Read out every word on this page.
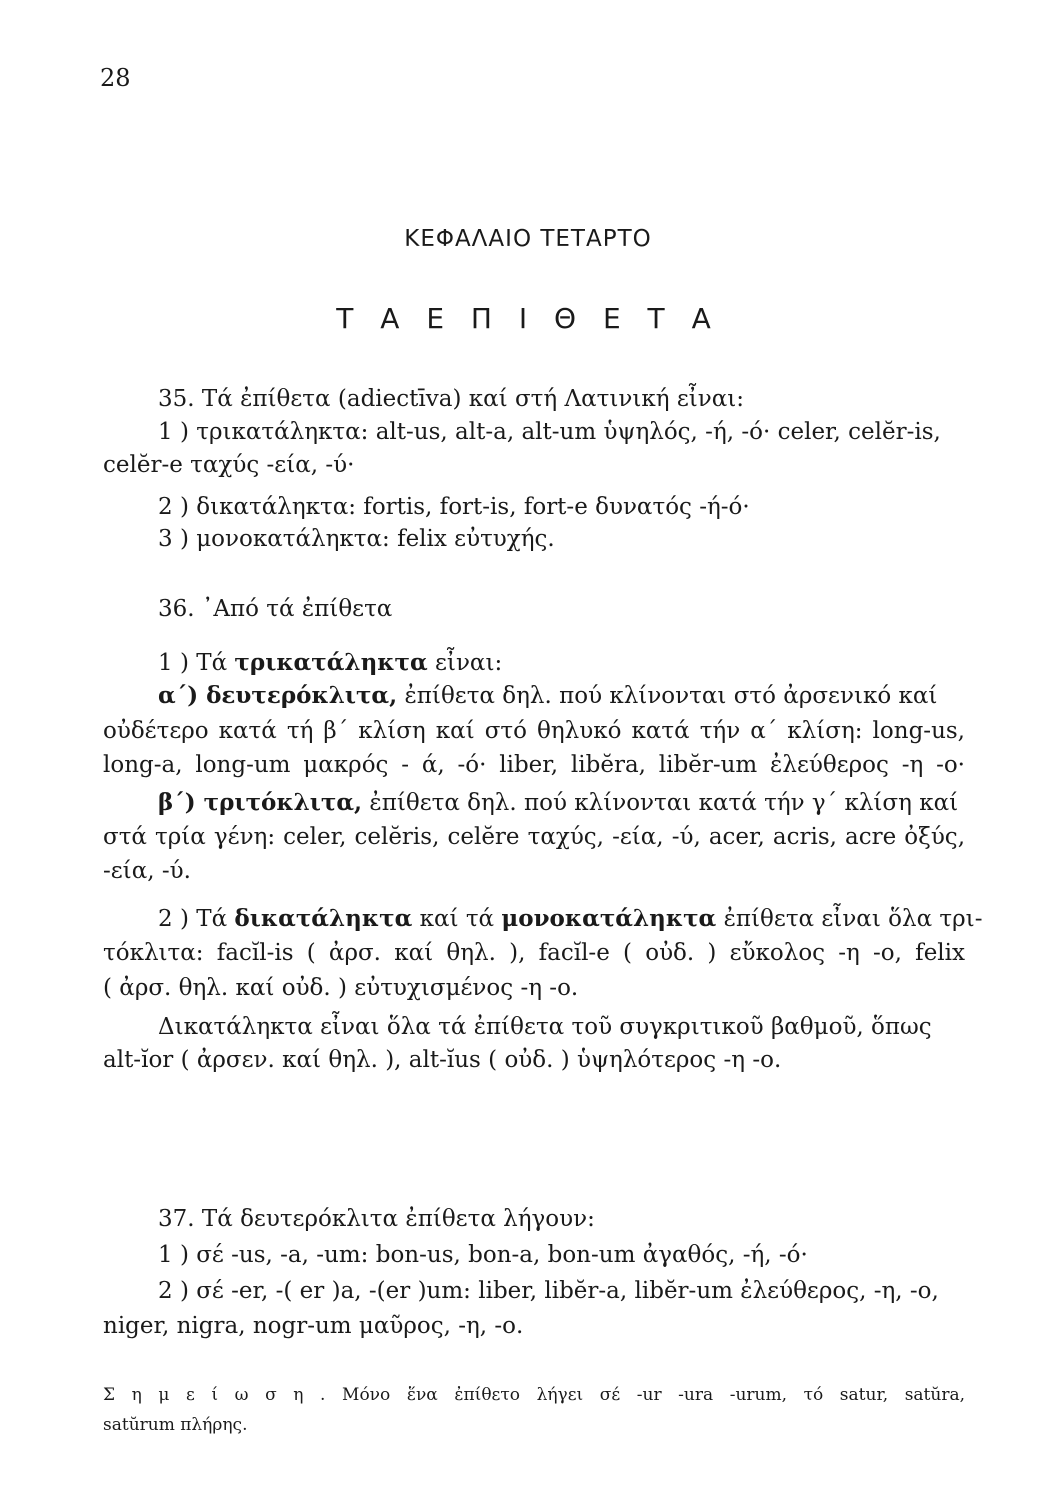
28
ΚΕΦΑΛΑΙΟ ΤΕΤΑΡΤΟ
Τ Α Ε Π Ι Θ Ε Τ Α
35. Τά ἐπίθετα (adiectīva) καί στή Λατινική εἶναι:
1 ) τρικατάληκτα: alt-us, alt-a, alt-um ὑψηλός, -ή, -ό· celer, celĕr-is,
celĕr-e ταχύς -εία, -ύ·
2 ) δικατάληκτα: fortis, fort-is, fort-e δυνατός -ή-ό·
3 ) μονοκατάληκτα: felix εὐτυχής.
36. ᾿Από τά ἐπίθετα
1 ) Τά τρικατάληκτα εἶναι:
α΄) δευτερόκλιτα, ἐπίθετα δηλ. πού κλίνονται στό ἀρσενικό καί
οὐδέτερο κατά τή β΄ κλίση καί στό θηλυκό κατά τήν α΄ κλίση: long-us,
long-a, long-um μακρός - ά, -ό· liber, libĕra, libĕr-um ἐλεύθερος -η -ο·
β΄) τριτόκλιτα, ἐπίθετα δηλ. πού κλίνονται κατά τήν γ΄ κλίση καί
στά τρία γένη: celer, celĕris, celĕre ταχύς, -εία, -ύ, acer, acris, acre ὀξύς,
-εία, -ύ.
2 ) Τά δικατάληκτα καί τά μονοκατάληκτα ἐπίθετα εἶναι ὅλα τρι-
τόκλιτα: facĭl-is ( ἀρσ. καί θηλ. ), facĭl-e ( οὐδ. ) εὔκολος -η -ο, felix
( ἀρσ. θηλ. καί οὐδ. ) εὐτυχισμένος -η -ο.
Δικατάληκτα εἶναι ὅλα τά ἐπίθετα τοῦ συγκριτικοῦ βαθμοῦ, ὅπως
alt-ĭor ( ἀρσεν. καί θηλ. ), alt-ĭus ( οὐδ. ) ὑψηλότερος -η -ο.
37. Τά δευτερόκλιτα ἐπίθετα λήγουν:
1 ) σέ -us, -a, -um: bon-us, bon-a, bon-um ἀγαθός, -ή, -ό·
2 ) σέ -er, -( er )a, -(er )um: liber, libĕr-a, libĕr-um ἐλεύθερος, -η, -ο,
niger, nigra, nogr-um μαῦρος, -η, -ο.
Σ η μ ε ί ω σ η . Μόνο ἕνα ἐπίθετο λήγει σέ -ur -ura -urum, τό satur, satŭra,
satŭrum πλήρης.
